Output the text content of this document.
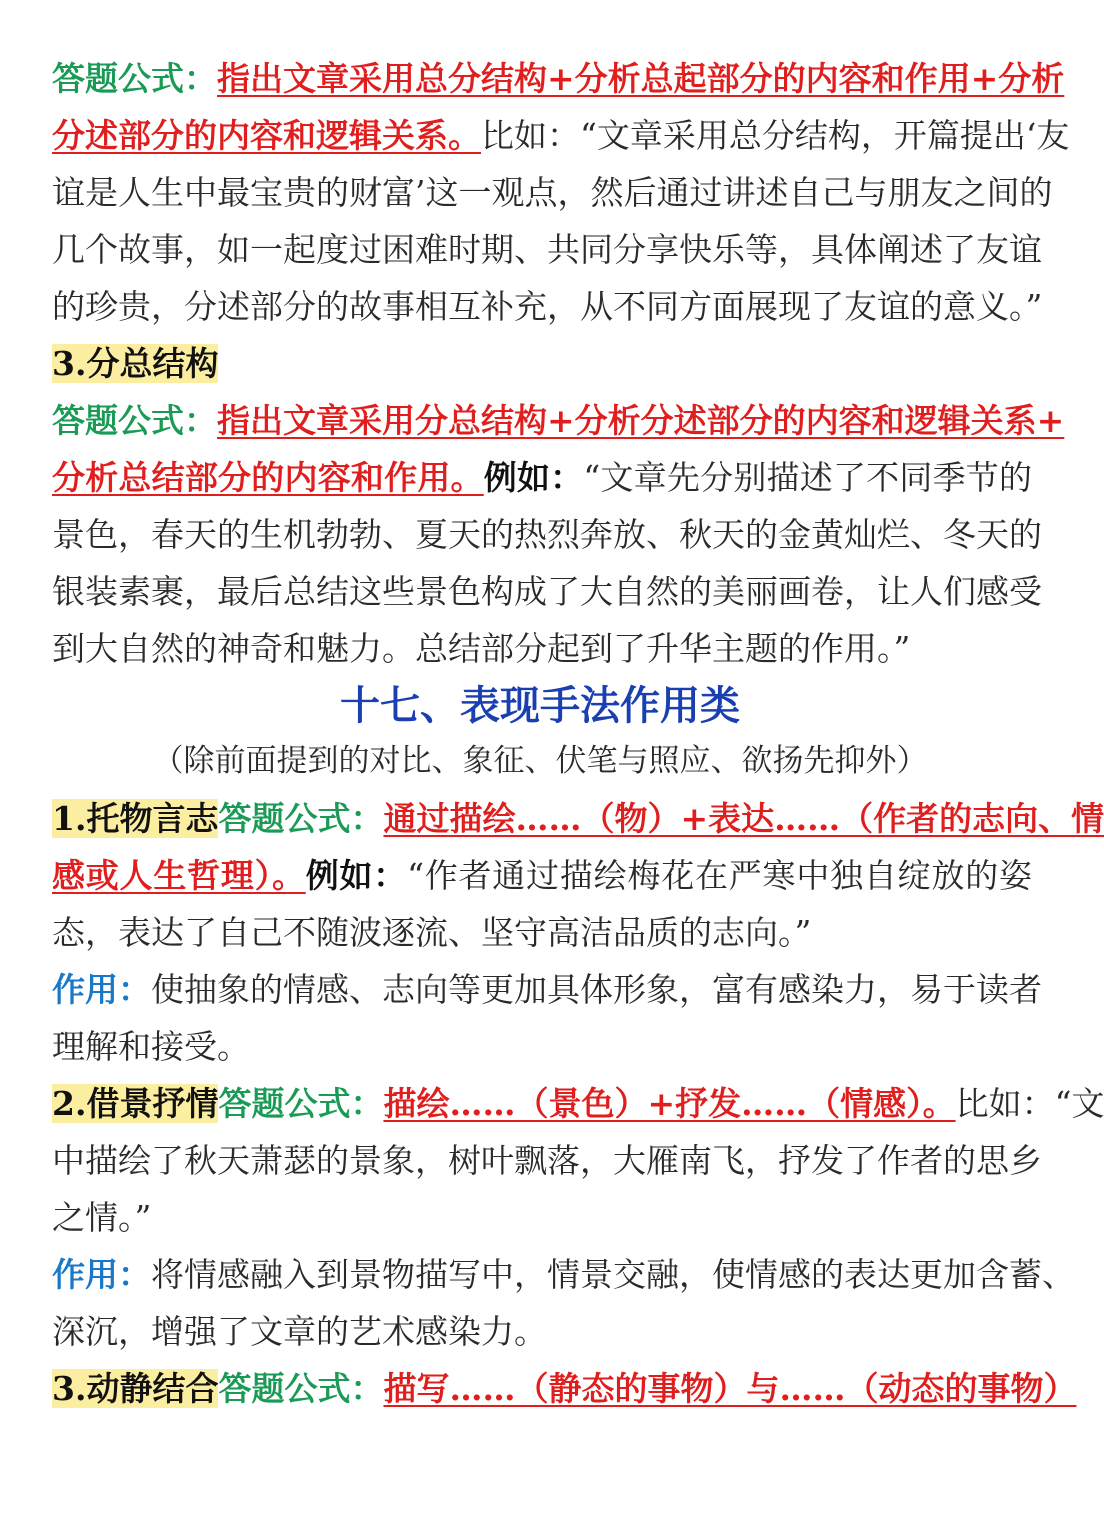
答题公式：指出文章采用总分结构+分析总起部分的内容和作用+分析
分述部分的内容和逻辑关系。比如：“文章采用总分结构，开篇提出‘友
谊是人生中最宝贵的财富’这一观点，然后通过讲述自己与朋友之间的
几个故事，如一起度过困难时期、共同分享快乐等，具体阐述了友谊
的珍贵，分述部分的故事相互补充，从不同方面展现了友谊的意义。”
3.分总结构
答题公式：指出文章采用分总结构+分析分述部分的内容和逻辑关系+
分析总结部分的内容和作用。例如：“文章先分别描述了不同季节的
景色，春天的生机勃勃、夏天的热烈奔放、秋天的金黄灿烂、冬天的
银装素裹，最后总结这些景色构成了大自然的美丽画卷，让人们感受
到大自然的神奇和魅力。总结部分起到了升华主题的作用。”
十七、表现手法作用类
（除前面提到的对比、象征、伏笔与照应、欲扬先抑外）
1.托物言志答题公式：通过描绘……（物）+表达……（作者的志向、情
感或人生哲理）。例如：“作者通过描绘梅花在严寒中独自绽放的姿
态，表达了自己不随波逐流、坚守高洁品质的志向。”
作用：使抽象的情感、志向等更加具体形象，富有感染力，易于读者
理解和接受。
2.借景抒情答题公式：描绘……（景色）+抒发……（情感）。比如：“文
中描绘了秋天萧瑟的景象，树叶飘落，大雁南飞，抒发了作者的思乡
之情。”
作用：将情感融入到景物描写中，情景交融，使情感的表达更加含蓄、
深沉，增强了文章的艺术感染力。
3.动静结合答题公式：描写……（静态的事物）与……（动态的事物）
